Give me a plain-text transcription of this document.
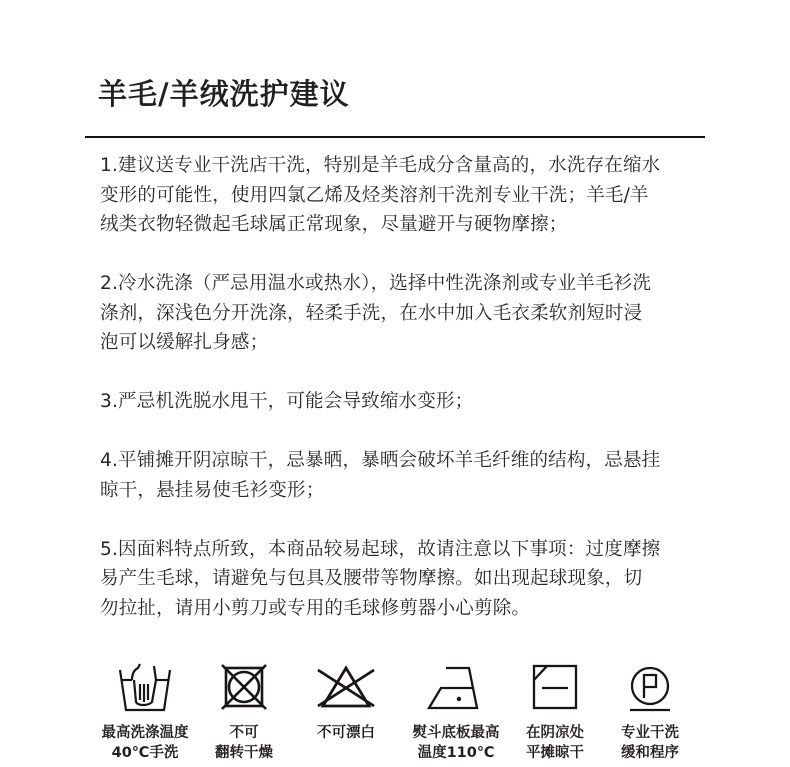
羊毛/羊绒洗护建议

1.建议送专业干洗店干洗，特别是羊毛成分含量高的，水洗存在缩水

变形的可能性，使用四氯乙烯及烃类溶剂干洗剂专业干洗；羊毛/羊

绒类衣物轻微起毛球属正常现象，尽量避开与硬物摩擦；

2.冷水洗涤（严忌用温水或热水），选择中性洗涤剂或专业羊毛衫洗

涤剂，深浅色分开洗涤，轻柔手洗，在水中加入毛衣柔软剂短时浸

泡可以缓解扎身感；

3.严忌机洗脱水甩干，可能会导致缩水变形；

4.平铺摊开阴凉晾干，忌暴晒，暴晒会破坏羊毛纤维的结构，忌悬挂

晾干，悬挂易使毛衫变形；

5.因面料特点所致，本商品较易起球，故请注意以下事项：过度摩擦

易产生毛球，请避免与包具及腰带等物摩擦。如出现起球现象，切

勿拉扯，请用小剪刀或专用的毛球修剪器小心剪除。

最高洗涤温度
40℃手洗
不可
翻转干燥
不可漂白	熨斗底板最高
温度110℃
在阴凉处
平摊晾干
专业干洗
缓和程序
